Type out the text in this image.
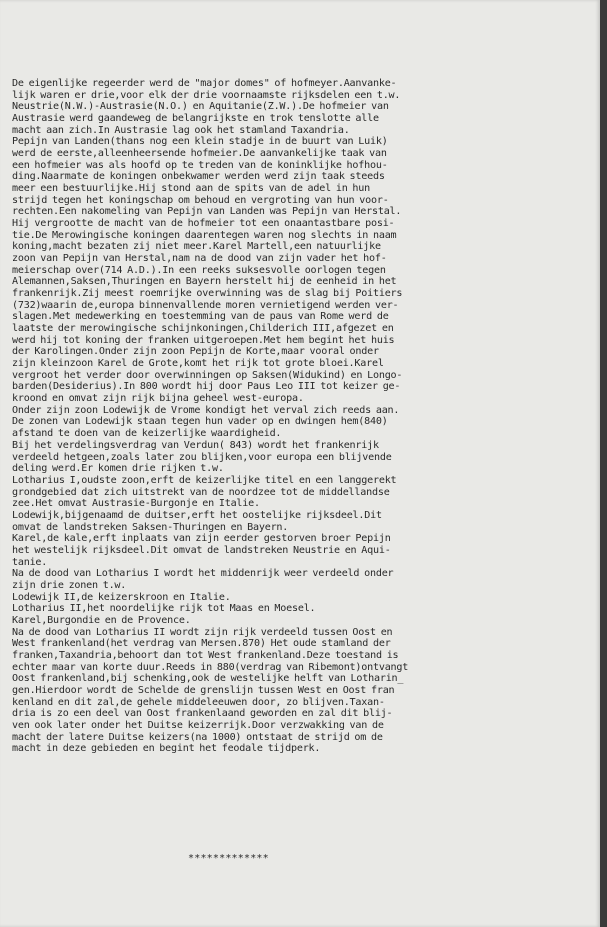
De eigenlijke regeerder werd de "major domes" of hofmeyer.Aanvanke-
lijk waren er drie,voor elk der drie voornaamste rijksdelen een t.w.
Neustrie(N.W.)-Austrasie(N.O.) en Aquitanie(Z.W.).De hofmeier van
Austrasie werd gaandeweg de belangrijkste en trok tenslotte alle
macht aan zich.In Austrasie lag ook het stamland Taxandria.
Pepijn van Landen(thans nog een klein stadje in de buurt van Luik)
werd de eerste,alleenheersende hofmeier.De aanvankelijke taak van
een hofmeier was als hoofd op te treden van de koninklijke hofhou-
ding.Naarmate de koningen onbekwamer werden werd zijn taak steeds
meer een bestuurlijke.Hij stond aan de spits van de adel in hun
strijd tegen het koningschap om behoud en vergroting van hun voor-
rechten.Een nakomeling van Pepijn van Landen was Pepijn van Herstal.
Hij vergrootte de macht van de hofmeier tot een onaantastbare posi-
tie.De Merowingische koningen daarentegen waren nog slechts in naam
koning,macht bezaten zij niet meer.Karel Martell,een natuurlijke
zoon van Pepijn van Herstal,nam na de dood van zijn vader het hof-
meierschap over(714 A.D.).In een reeks suksesvolle oorlogen tegen
Alemannen,Saksen,Thuringen en Bayern herstelt hij de eenheid in het
frankenrijk.Zij meest roemrijke overwinning was de slag bij Poitiers
(732)waarin de,europa binnenvallende moren vernietigend werden ver-
slagen.Met medewerking en toestemming van de paus van Rome werd de
laatste der merowingische schijnkoningen,Childerich III,afgezet en
werd hij tot koning der franken uitgeroepen.Met hem begint het huis
der Karolingen.Onder zijn zoon Pepijn de Korte,maar vooral onder
zijn kleinzoon Karel de Grote,komt het rijk tot grote bloei.Karel
vergroot het verder door overwinningen op Saksen(Widukind) en Longo-
barden(Desiderius).In 800 wordt hij door Paus Leo III tot keizer ge-
kroond en omvat zijn rijk bijna geheel west-europa.
Onder zijn zoon Lodewijk de Vrome kondigt het verval zich reeds aan.
De zonen van Lodewijk staan tegen hun vader op en dwingen hem(840)
afstand te doen van de keizerlijke waardigheid.
Bij het verdelingsverdrag van Verdun( 843) wordt het frankenrijk
verdeeld hetgeen,zoals later zou blijken,voor europa een blijvende
deling werd.Er komen drie rijken t.w.
Lotharius I,oudste zoon,erft de keizerlijke titel en een langgerekt
grondgebied dat zich uitstrekt van de noordzee tot de middellandse
zee.Het omvat Austrasie-Burgonje en Italie.
Lodewijk,bijgenaamd de duitser,erft het oostelijke rijksdeel.Dit
omvat de landstreken Saksen-Thuringen en Bayern.
Karel,de kale,erft inplaats van zijn eerder gestorven broer Pepijn
het westelijk rijksdeel.Dit omvat de landstreken Neustrie en Aqui-
tanie.
Na de dood van Lotharius I wordt het middenrijk weer verdeeld onder
zijn drie zonen t.w.
Lodewijk II,de keizerskroon en Italie.
Lotharius II,het noordelijke rijk tot Maas en Moesel.
Karel,Burgondie en de Provence.
Na de dood van Lotharius II wordt zijn rijk verdeeld tussen Oost en
West frankenland(het verdrag van Mersen.870) Het oude stamland der
franken,Taxandria,behoort dan tot West frankenland.Deze toestand is
echter maar van korte duur.Reeds in 880(verdrag van Ribemont)ontvangt
Oost frankenland,bij schenking,ook de westelijke helft van Lotharin_
gen.Hierdoor wordt de Schelde de grenslijn tussen West en Oost fran
kenland en dit zal,de gehele middeleeuwen door, zo blijven.Taxan-
dria is zo een deel van Oost frankenlaand geworden en zal dit blij-
ven ook later onder het Duitse keizerrijk.Door verzwakking van de
macht der latere Duitse keizers(na 1000) ontstaat de strijd om de
macht in deze gebieden en begint het feodale tijdperk.
*************
